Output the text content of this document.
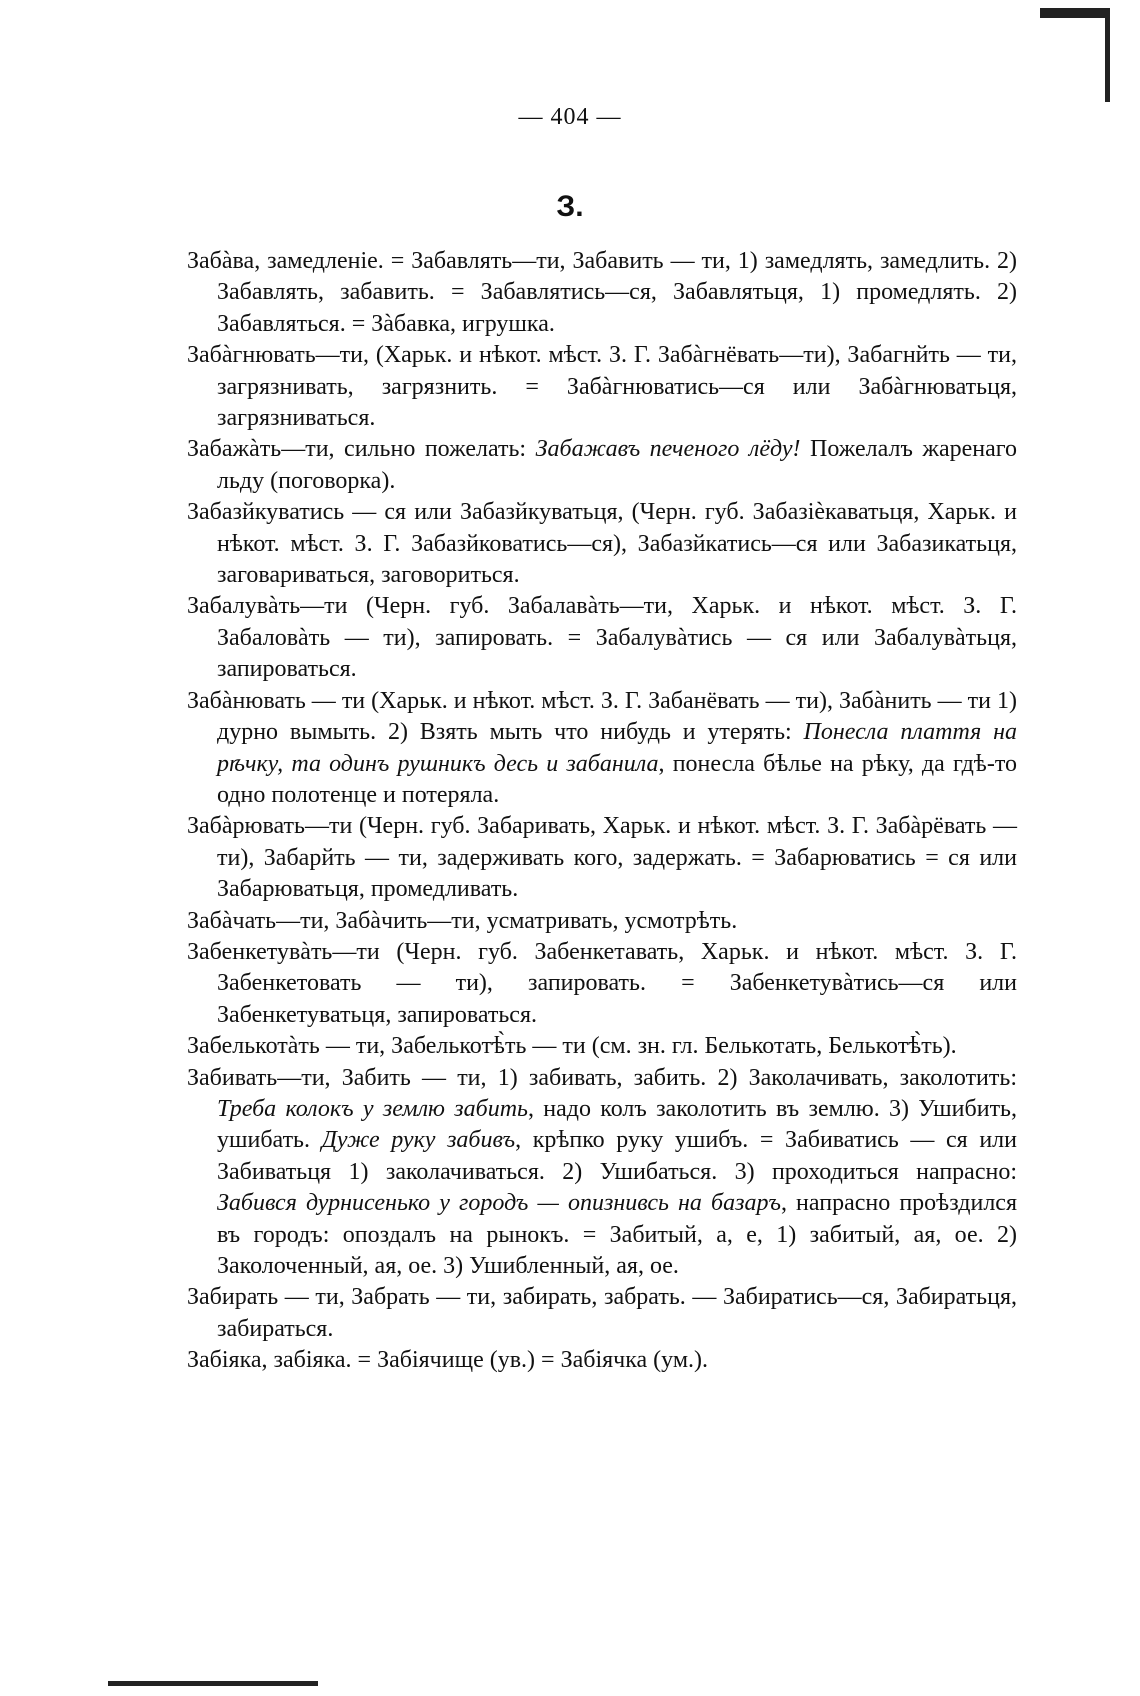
— 404 —
З.
Забàва, замедленіе. = Забавлять—ти, Забавить — ти, 1) замедлять, замедлить. 2) Забавлять, забавить. = Забавлятись—ся, Забавлятьця, 1) промедлять. 2) Забавляться. = Зàбавка, игрушка.
Забàгнювать—ти, (Харьк. и нѣкот. мѣст. З. Г. Забàгнёвать—ти), Забагнйть — ти, загрязнивать, загрязнить. = Забàгнюватись—ся или Забàгнюватьця, загрязниваться.
Забажàть—ти, сильно пожелать: Забажавъ печеного лёду! Пожелалъ жаренаго льду (поговорка).
Забазйкуватись — ся или Забазйкуватьця, (Черн. губ. Забазіѐкаватьця, Харьк. и нѣкот. мѣст. З. Г. Забазйковатись—ся), Забазйкатись—ся или Забазикатьця, заговариваться, заговориться.
Забалувàть—ти (Черн. губ. Забалавàть—ти, Харьк. и нѣкот. мѣст. З. Г. Забаловàть — ти), запировать. = Забалувàтись — ся или Забалувàтьця, запироваться.
Забàнювать — ти (Харьк. и нѣкот. мѣст. З. Г. Забанёвать — ти), Забàнить — ти 1) дурно вымыть. 2) Взять мыть что нибудь и утерять: Понесла плаття на рѣчку, та одинъ рушникъ десь и забанила, понесла бѣлье на рѣку, да гдѣ-то одно полотенце и потеряла.
Забàрювать—ти (Черн. губ. Забаривать, Харьк. и нѣкот. мѣст. З. Г. Забàрёвать — ти), Забарйть — ти, задерживать кого, задержать. = Забарюватись = ся или Забарюватьця, промедливать.
Забàчать—ти, Забàчить—ти, усматривать, усмотрѣть.
Забенкетувàть—ти (Черн. губ. Забенкетавать, Харьк. и нѣкот. мѣст. З. Г. Забенкетовать — ти), запировать. = Забенкетувàтись—ся или Забенкетуватьця, запироваться.
Забелькотàть — ти, Забелькотѣ̀ть — ти (см. зн. гл. Белькотать, Белькотѣ̀ть).
Забивать—ти, Забить — ти, 1) забивать, забить. 2) Заколачивать, заколотить: Треба колокъ у землю забить, надо колъ заколотить въ землю. 3) Ушибить, ушибать. Дуже руку забивъ, крѣпко руку ушибъ. = Забиватись — ся или Забиватьця 1) заколачиваться. 2) Ушибаться. 3) проходиться напрасно: Забився дурнисенько у городъ — опизнивсь на базаръ, напрасно проѣздился въ городъ: опоздалъ на рынокъ. = Забитый, а, е, 1) забитый, ая, ое. 2) Заколоченный, ая, ое. 3) Ушибленный, ая, ое.
Забирать — ти, Забрать — ти, забирать, забрать. — Забиратись—ся, Забиратьця, забираться.
Забіяка, забіяка. = Забіячище (ув.) = Забіячка (ум.).
